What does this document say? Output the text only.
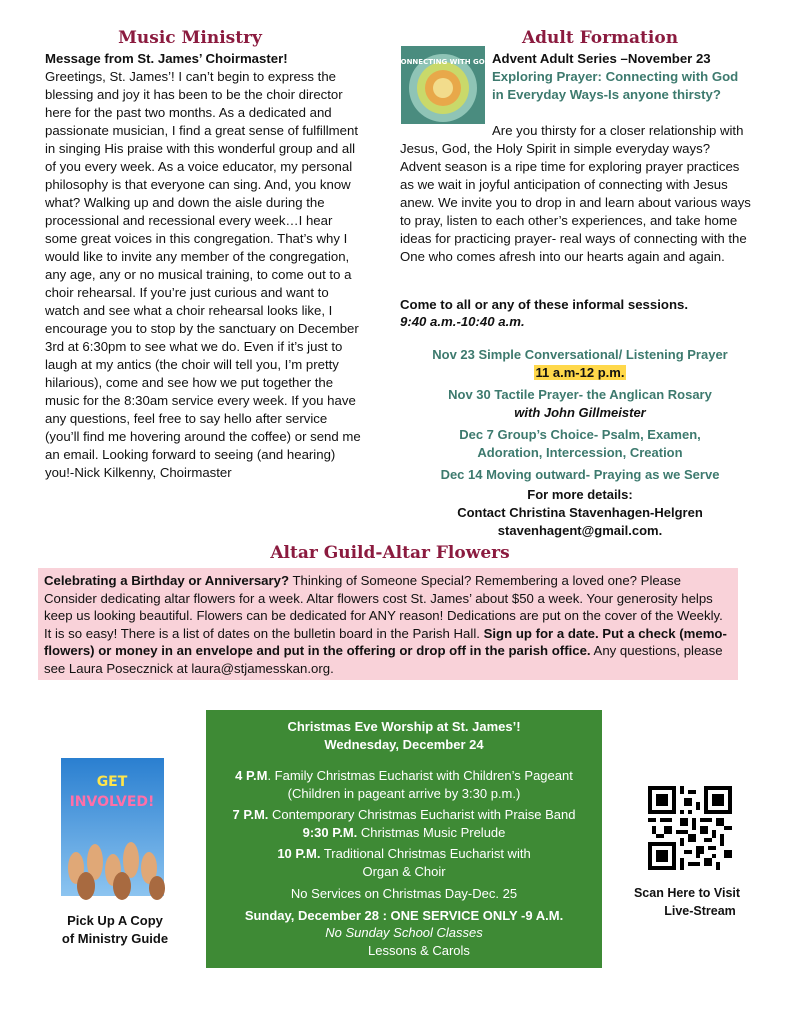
Music Ministry
Message from St. James’ Choirmaster!
Greetings, St. James’! I can’t begin to express the blessing and joy it has been to be the choir director here for the past two months. As a dedicated and passionate musician, I find a great sense of fulfillment in singing His praise with this wonderful group and all of you every week. As a voice educator, my personal philosophy is that everyone can sing. And, you know what? Walking up and down the aisle during the processional and recessional every week…I hear some great voices in this congregation. That’s why I would like to invite any member of the congregation, any age, any or no musical training, to come out to a choir rehearsal. If you’re just curious and want to watch and see what a choir rehearsal looks like, I encourage you to stop by the sanctuary on December 3rd at 6:30pm to see what we do. Even if it’s just to laugh at my antics (the choir will tell you, I’m pretty hilarious), come and see how we put together the music for the 8:30am service every week. If you have any questions, feel free to say hello after service (you’ll find me hovering around the coffee) or send me an email. Looking forward to seeing (and hearing) you!-Nick Kilkenny, Choirmaster
Adult Formation
CONNECTING WITH GOD Advent Adult Series –November 23
Exploring Prayer: Connecting with God in Everyday Ways-Is anyone thirsty?
Are you thirsty for a closer relationship with Jesus, God, the Holy Spirit in simple everyday ways? Advent season is a ripe time for exploring prayer practices as we wait in joyful anticipation of connecting with Jesus anew. We invite you to drop in and learn about various ways to pray, listen to each other’s experiences, and take home ideas for practicing prayer- real ways of connecting with the One who comes afresh into our hearts again and again.
Come to all or any of these informal sessions.
9:40 a.m.-10:40 a.m.
Nov 23 Simple Conversational/ Listening Prayer
11 a.m-12 p.m.
Nov 30 Tactile Prayer- the Anglican Rosary
with John Gillmeister
Dec 7 Group’s Choice- Psalm, Examen, Adoration, Intercession, Creation
Dec 14 Moving outward- Praying as we Serve
For more details:
Contact Christina Stavenhagen-Helgren
stavenhagent@gmail.com.
Altar Guild-Altar Flowers
Celebrating a Birthday or Anniversary? Thinking of Someone Special? Remembering a loved one? Please Consider dedicating altar flowers for a week. Altar flowers cost St. James’ about $50 a week. Your generosity helps keep us looking beautiful. Flowers can be dedicated for ANY reason! Dedications are put on the cover of the Weekly. It is so easy! There is a list of dates on the bulletin board in the Parish Hall. Sign up for a date. Put a check (memo-flowers) or money in an envelope and put in the offering or drop off in the parish office. Any questions, please see Laura Posecznick at laura@stjamesskan.org.
GET
INVOLVED!
Pick Up A Copy
of Ministry Guide
Christmas Eve Worship at St. James’!
Wednesday, December 24
4 P.M. Family Christmas Eucharist with Children’s Pageant
(Children in pageant arrive by 3:30 p.m.)
7 P.M. Contemporary Christmas Eucharist with Praise Band
9:30 P.M. Christmas Music Prelude
10 P.M. Traditional Christmas Eucharist with
Organ & Choir
No Services on Christmas Day-Dec. 25
Sunday, December 28 : ONE SERVICE ONLY -9 A.M.
No Sunday School Classes
Lessons & Carols
Scan Here to Visit
Live-Stream
